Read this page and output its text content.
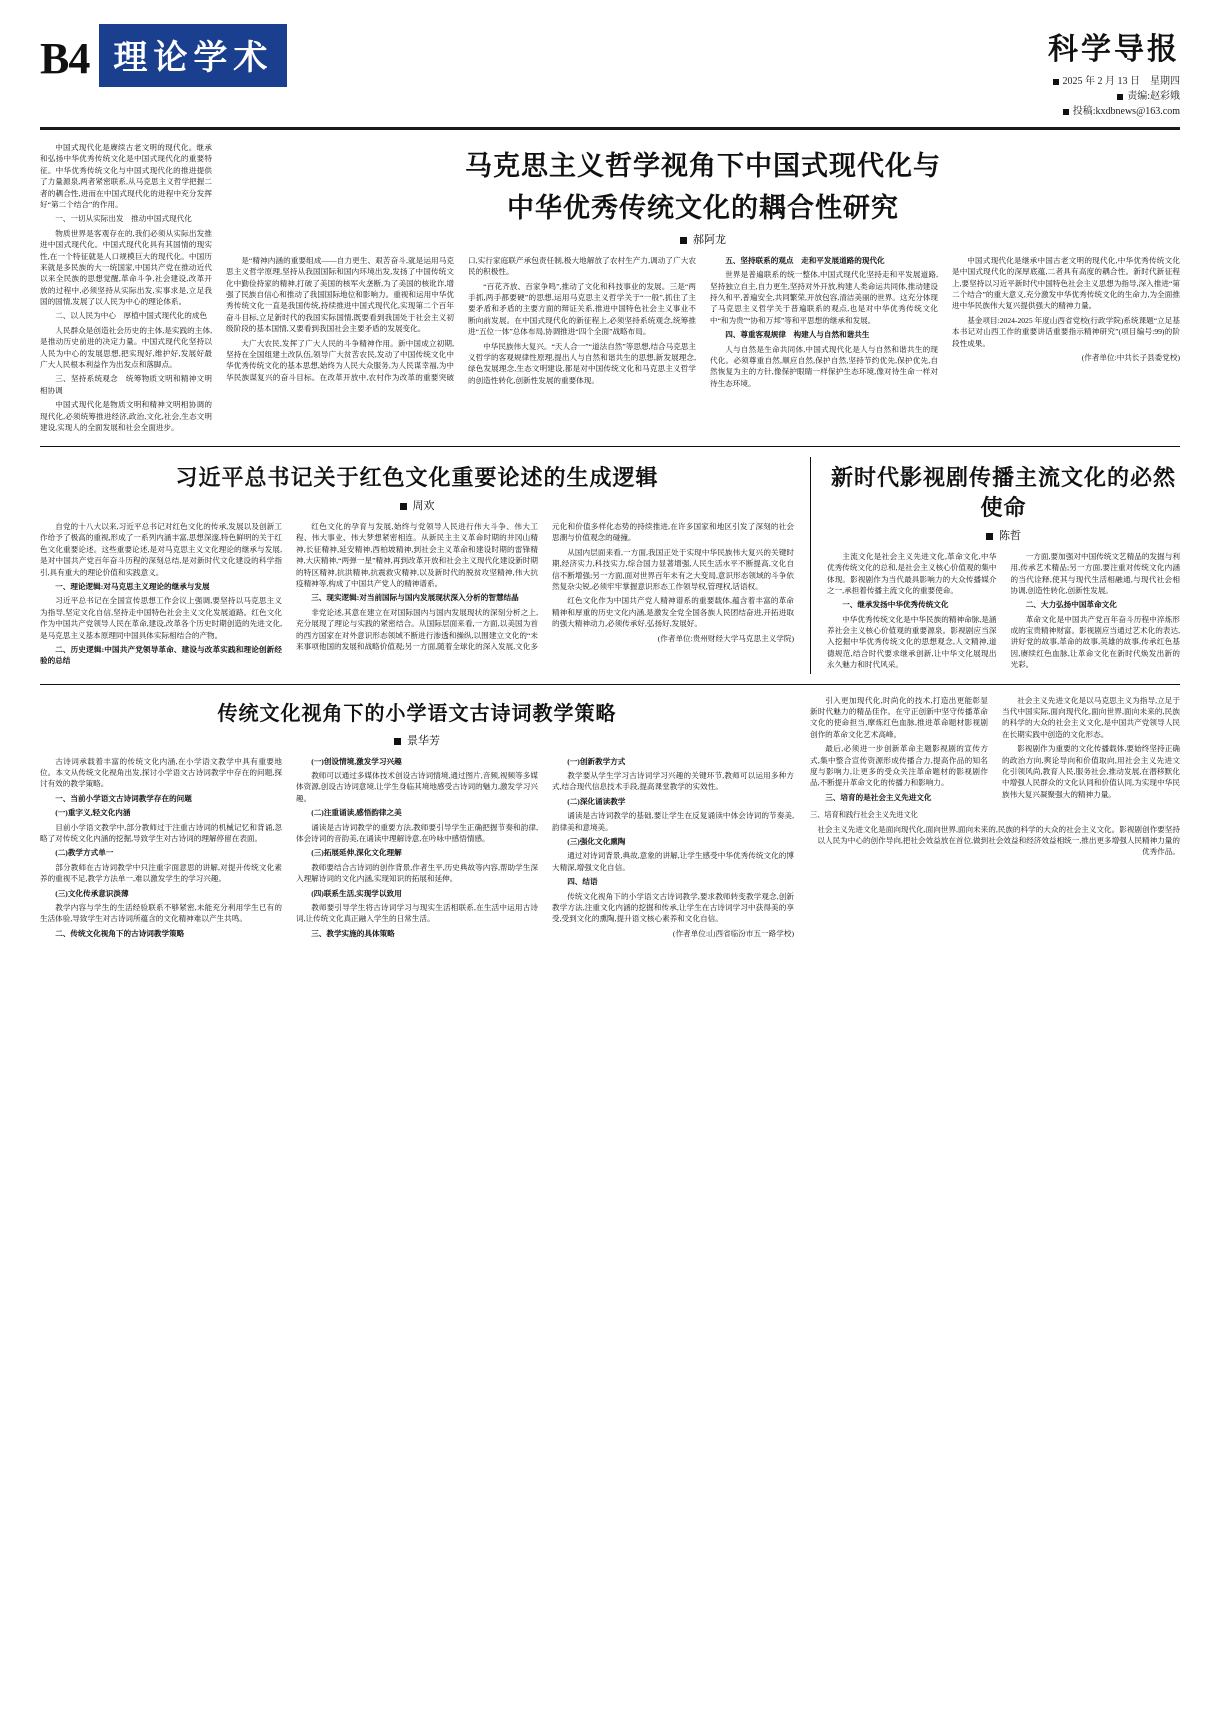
B4 理论学术	科学导报
2025 年 2 月 13 日　星期四
责编:赵彩娥
投稿:kxdbnews@163.com

中国式现代化是赓续古老文明的现代化。继承和弘扬中华优秀传统文化是中国式现代化的重要特征。中华优秀传统文化与中国式现代化的推进提供了力量源泉,两者紧密联系,从马克思主义哲学把握二者的耦合性,进而在中国式现代化的进程中充分发挥好“第二个结合”的作用。

一、一切从实际出发　推动中国式现代化

物质世界是客观存在的,我们必须从实际出发推进中国式现代化。中国式现代化具有其国情的现实性,在一个特征就是人口规模巨大的现代化。中国历来就是多民族的大一统国家,中国共产党在推动近代以来全民族的思想觉醒,革命斗争,社会建设,改革开放的过程中,必须坚持从实际出发,实事求是,立足我国的国情,发展了以人民为中心的理论体系。

二、以人民为中心　厚植中国式现代化的成色

人民群众是创造社会历史的主体,是实践的主体,是推动历史前进的决定力量。中国式现代化坚持以人民为中心的发展思想,把实现好,维护好,发展好最广大人民根本利益作为出发点和落脚点。

三、坚持系统观念　统筹物质文明和精神文明相协调

中国式现代化是物质文明和精神文明相协调的现代化,必须统筹推进经济,政治,文化,社会,生态文明建设,实现人的全面发展和社会全面进步。

马克思主义哲学视角下中国式现代化与
中华优秀传统文化的耦合性研究
郝阿龙

是“精神内涵的重要组成——自力更生、艰苦奋斗,就是运用马克思主义哲学原理,坚持从我国国际和国内环境出发,发扬了中国传统文化中勤俭持家的精神,打破了美国的核军火垄断,为了美国的核讹诈,增强了民族自信心和推动了我国国际地位和影响力。重视和运用中华优秀传统文化一直是我国传统,持续推进中国式现代化,实现第二个百年奋斗目标,立足新时代的我国实际国情,既要看到我国处于社会主义初级阶段的基本国情,又要看到我国社会主要矛盾的发展变化。

大广大农民,发挥了广大人民的斗争精神作用。新中国成立初期,坚持在全国组建土改队伍,领导广大贫苦农民,发动了中国传统文化中华优秀传统文化的基本思想,始终为人民大众服务,为人民谋幸福,为中华民族谋复兴的奋斗目标。在改革开放中,农村作为改革的重要突破口,实行家庭联产承包责任制,极大地解放了农村生产力,调动了广大农民的积极性。

“百花齐放、百家争鸣”,推动了文化和科技事业的发展。三是“两手抓,两手都要硬”的思想,运用马克思主义哲学关于“一般”,抓住了主要矛盾和矛盾的主要方面的辩证关系,推进中国特色社会主义事业不断向前发展。在中国式现代化的新征程上,必须坚持系统观念,统筹推进“五位一体”总体布局,协调推进“四个全面”战略布局。

中华民族伟大复兴。“天人合一”“道法自然”等思想,结合马克思主义哲学的客观规律性原理,提出人与自然和谐共生的思想,新发展理念,绿色发展理念,生态文明建设,都是对中国传统文化和马克思主义哲学的创造性转化,创新性发展的重要体现。

五、坚持联系的观点　走和平发展道路的现代化

世界是普遍联系的统一整体,中国式现代化坚持走和平发展道路,坚持独立自主,自力更生,坚持对外开放,构建人类命运共同体,推动建设持久和平,普遍安全,共同繁荣,开放包容,清洁美丽的世界。这充分体现了马克思主义哲学关于普遍联系的观点,也是对中华优秀传统文化中“和为贵”“协和万邦”等和平思想的继承和发展。

四、尊重客观规律　构建人与自然和谐共生

人与自然是生命共同体,中国式现代化是人与自然和谐共生的现代化。必须尊重自然,顺应自然,保护自然,坚持节约优先,保护优先,自然恢复为主的方针,像保护眼睛一样保护生态环境,像对待生命一样对待生态环境。

中国式现代化是继承中国古老文明的现代化,中华优秀传统文化是中国式现代化的深厚底蕴,二者具有高度的耦合性。新时代新征程上,要坚持以习近平新时代中国特色社会主义思想为指导,深入推进“第二个结合”的重大意义,充分激发中华优秀传统文化的生命力,为全面推进中华民族伟大复兴提供强大的精神力量。

基金项目:2024-2025 年度山西省党校(行政学院)系统课题“立足基本书记对山西工作的重要讲话重要指示精神研究”(项目编号:99)的阶段性成果。

(作者单位:中共长子县委党校)

习近平总书记关于红色文化重要论述的生成逻辑
周欢

自党的十八大以来,习近平总书记对红色文化的传承,发展以及创新工作给予了极高的重视,形成了一系列内涵丰富,思想深邃,特色鲜明的关于红色文化重要论述。这些重要论述,是对马克思主义文化理论的继承与发展,是对中国共产党百年奋斗历程的深刻总结,是对新时代文化建设的科学指引,具有重大的理论价值和实践意义。

一、理论逻辑:对马克思主义理论的继承与发展

习近平总书记在全国宣传思想工作会议上强调,要坚持以马克思主义为指导,坚定文化自信,坚持走中国特色社会主义文化发展道路。红色文化作为中国共产党领导人民在革命,建设,改革各个历史时期创造的先进文化,是马克思主义基本原理同中国具体实际相结合的产物。

二、历史逻辑:中国共产党领导革命、建设与改革实践和理论创新经验的总结

红色文化的孕育与发展,始终与党领导人民进行伟大斗争、伟大工程、伟大事业、伟大梦想紧密相连。从新民主主义革命时期的井冈山精神,长征精神,延安精神,西柏坡精神,到社会主义革命和建设时期的雷锋精神,大庆精神,“两弹一星”精神,再到改革开放和社会主义现代化建设新时期的特区精神,抗洪精神,抗震救灾精神,以及新时代的脱贫攻坚精神,伟大抗疫精神等,构成了中国共产党人的精神谱系。

三、现实逻辑:对当前国际与国内发展现状深入分析的智慧结晶

非党论述,其意在建立在对国际国内与国内发展现状的深刻分析之上,充分展现了理论与实践的紧密结合。从国际层面来看,一方面,以美国为首的西方国家在对外意识形态领域不断进行渗透和操纵,以围建立文化的“未来事项他国的发展和战略价值观;另一方面,随着全球化的深入发展,文化多元化和价值多样化态势的持续推进,在许多国家和地区引发了深刻的社会思潮与价值观念的碰撞。

从国内层面来看,一方面,我国正处于实现中华民族伟大复兴的关键时期,经济实力,科技实力,综合国力显著增强,人民生活水平不断提高,文化自信不断增强;另一方面,面对世界百年未有之大变局,意识形态领域的斗争依然复杂尖锐,必须牢牢掌握意识形态工作领导权,管理权,话语权。

红色文化作为中国共产党人精神谱系的重要载体,蕴含着丰富的革命精神和厚重的历史文化内涵,是激发全党全国各族人民团结奋进,开拓进取的强大精神动力,必须传承好,弘扬好,发展好。

(作者单位:贵州财经大学马克思主义学院)

新时代影视剧传播主流文化的必然使命
陈哲

主流文化是社会主义先进文化,革命文化,中华优秀传统文化的总和,是社会主义核心价值观的集中体现。影视剧作为当代最具影响力的大众传播媒介之一,承担着传播主流文化的重要使命。

一、继承发扬中华优秀传统文化

中华优秀传统文化是中华民族的精神命脉,是涵养社会主义核心价值观的重要源泉。影视剧应当深入挖掘中华优秀传统文化的思想观念,人文精神,道德规范,结合时代要求继承创新,让中华文化展现出永久魅力和时代风采。

一方面,要加强对中国传统文艺精品的发掘与利用,传承艺术精品;另一方面,要注重对传统文化内涵的当代诠释,使其与现代生活相融通,与现代社会相协调,创造性转化,创新性发展。

二、大力弘扬中国革命文化

革命文化是中国共产党百年奋斗历程中淬炼形成的宝贵精神财富。影视剧应当通过艺术化的表达,讲好党的故事,革命的故事,英雄的故事,传承红色基因,赓续红色血脉,让革命文化在新时代焕发出新的光彩。

传统文化视角下的小学语文古诗词教学策略
景华芳

古诗词承载着丰富的传统文化内涵,在小学语文教学中具有重要地位。本文从传统文化视角出发,探讨小学语文古诗词教学中存在的问题,探讨有效的教学策略。

一、当前小学语文古诗词教学存在的问题

(一)重字义,轻文化内涵

目前小学语文教学中,部分教师过于注重古诗词的机械记忆和背诵,忽略了对传统文化内涵的挖掘,导致学生对古诗词的理解停留在表面。

(二)教学方式单一

部分教师在古诗词教学中只注重字面意思的讲解,对提升传统文化素养的重视不足,教学方法单一,难以激发学生的学习兴趣。

(三)文化传承意识淡薄

教学内容与学生的生活经验联系不够紧密,未能充分利用学生已有的生活体验,导致学生对古诗词所蕴含的文化精神难以产生共鸣。

二、传统文化视角下的古诗词教学策略

(一)创设情境,激发学习兴趣

教师可以通过多媒体技术创设古诗词情境,通过图片,音频,视频等多媒体资源,创设古诗词意境,让学生身临其境地感受古诗词的魅力,激发学习兴趣。

(二)注重诵读,感悟韵律之美

诵读是古诗词教学的重要方法,教师要引导学生正确把握节奏和韵律,体会诗词的音韵美,在诵读中理解诗意,在吟咏中感悟情感。

(三)拓展延伸,深化文化理解

教师要结合古诗词的创作背景,作者生平,历史典故等内容,帮助学生深入理解诗词的文化内涵,实现知识的拓展和延伸。

(四)联系生活,实现学以致用

教师要引导学生将古诗词学习与现实生活相联系,在生活中运用古诗词,让传统文化真正融入学生的日常生活。

三、教学实施的具体策略

(一)创新教学方式

教学要从学生学习古诗词学习兴趣的关键环节,教师可以运用多种方式,结合现代信息技术手段,提高课堂教学的实效性。

(二)深化诵读教学

诵读是古诗词教学的基础,要让学生在反复诵读中体会诗词的节奏美,韵律美和意境美。

(三)强化文化熏陶

通过对诗词背景,典故,意象的讲解,让学生感受中华优秀传统文化的博大精深,增强文化自信。

四、结语

传统文化视角下的小学语文古诗词教学,要求教师转变教学观念,创新教学方法,注重文化内涵的挖掘和传承,让学生在古诗词学习中获得美的享受,受到文化的熏陶,提升语文核心素养和文化自信。

(作者单位:山西省临汾市五一路学校)

引入更加现代化,时尚化的技术,打造出更能彰显新时代魅力的精品佳作。在守正创新中坚守传播革命文化的使命担当,摩炼红色血脉,推进革命题材影视剧创作的革命文化艺术高峰。

最后,必须进一步创新革命主题影视剧的宣传方式,集中整合宣传资源形成传播合力,提高作品的知名度与影响力,让更多的受众关注革命题材的影视剧作品,不断提升革命文化的传播力和影响力。

三、培育的是社会主义先进文化

社会主义先进文化是以马克思主义为指导,立足于当代中国实际,面向现代化,面向世界,面向未来的,民族的科学的大众的社会主义文化,是中国共产党领导人民在长期实践中创造的文化形态。

影视剧作为重要的文化传播载体,要始终坚持正确的政治方向,舆论导向和价值取向,用社会主义先进文化引领风尚,教育人民,服务社会,推动发展,在潜移默化中增强人民群众的文化认同和价值认同,为实现中华民族伟大复兴凝聚强大的精神力量。

三、培育和践行社会主义先进文化
社会主义先进文化是面向现代化,面向世界,面向未来的,民族的科学的大众的社会主义文化。影视剧创作要坚持以人民为中心的创作导向,把社会效益放在首位,做到社会效益和经济效益相统一,推出更多增强人民精神力量的优秀作品。
